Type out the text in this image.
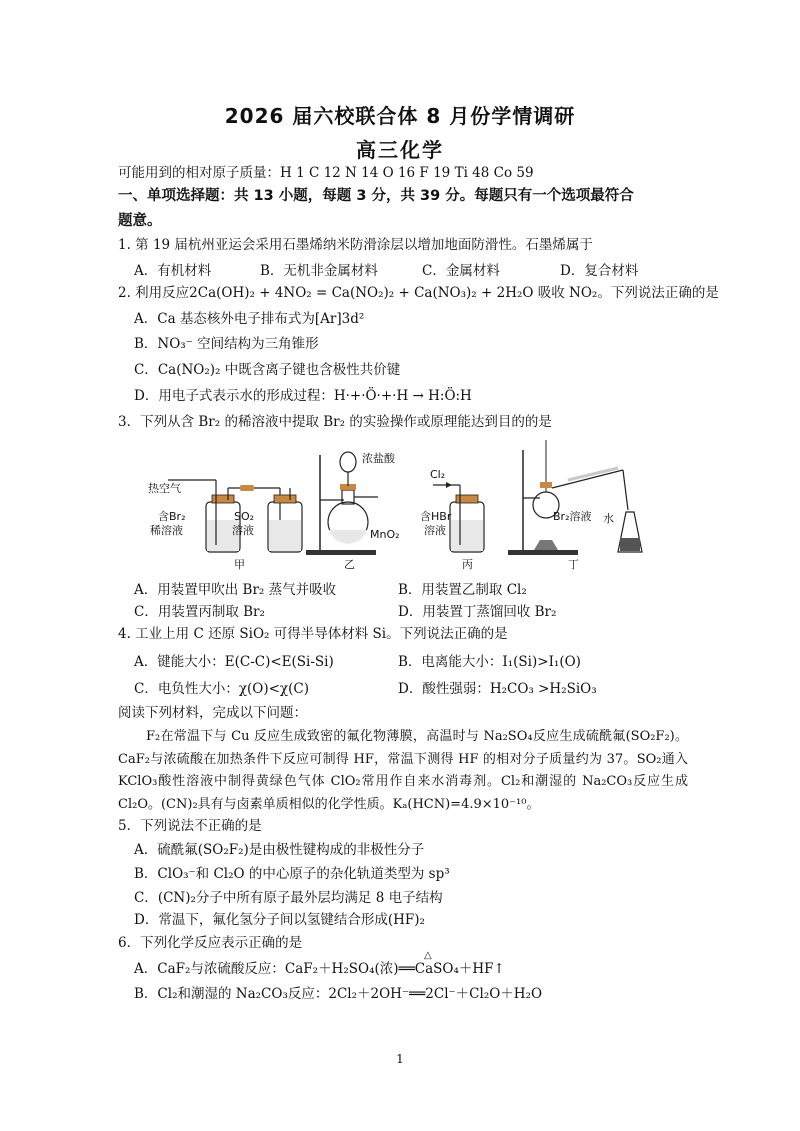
2026 届六校联合体 8 月份学情调研
高三化学
可能用到的相对原子质量：H 1 C 12 N 14 O 16 F 19 Ti 48 Co 59
一、单项选择题：共 13 小题，每题 3 分，共 39 分。每题只有一个选项最符合
题意。
1. 第 19 届杭州亚运会采用石墨烯纳米防滑涂层以增加地面防滑性。石墨烯属于
A．有机材料	B．无机非金属材料	C．金属材料	D．复合材料
2. 利用反应2Ca(OH)₂ + 4NO₂ = Ca(NO₂)₂ + Ca(NO₃)₂ + 2H₂O 吸收 NO₂。下列说法正确的是
A．Ca 基态核外电子排布式为[Ar]3d²
B．NO₃⁻ 空间结构为三角锥形
C．Ca(NO₂)₂ 中既含离子键也含极性共价键
D．用电子式表示水的形成过程：H·+·Ö·+·H → H:Ö:H
3．下列从含 Br₂ 的稀溶液中提取 Br₂ 的实验操作或原理能达到目的的是
热空气
含Br₂
稀溶液
SO₂
溶液
甲
浓盐酸
MnO₂
乙
Cl₂
含HBr
溶液
丙
Br₂溶液 水
丁
A．用装置甲吹出 Br₂ 蒸气并吸收	B．用装置乙制取 Cl₂
C．用装置丙制取 Br₂	D．用装置丁蒸馏回收 Br₂
4. 工业上用 C 还原 SiO₂ 可得半导体材料 Si。下列说法正确的是
A．键能大小：E(C-C)<E(Si-Si)	B．电离能大小：I₁(Si)>I₁(O)
C．电负性大小：χ(O)<χ(C)	D．酸性强弱：H₂CO₃ >H₂SiO₃
阅读下列材料，完成以下问题：
F₂在常温下与 Cu 反应生成致密的氟化物薄膜，高温时与 Na₂SO₄反应生成硫酰氟(SO₂F₂)。CaF₂与浓硫酸在加热条件下反应可制得 HF，常温下测得 HF 的相对分子质量约为 37。SO₂通入 KClO₃酸性溶液中制得黄绿色气体 ClO₂常用作自来水消毒剂。Cl₂和潮湿的 Na₂CO₃反应生成 Cl₂O。(CN)₂具有与卤素单质相似的化学性质。Kₐ(HCN)=4.9×10⁻¹⁰。
5．下列说法不正确的是
A．硫酰氟(SO₂F₂)是由极性键构成的非极性分子
B．ClO₃⁻和 Cl₂O 的中心原子的杂化轨道类型为 sp³
C．(CN)₂分子中所有原子最外层均满足 8 电子结构
D．常温下，氟化氢分子间以氢键结合形成(HF)₂
6．下列化学反应表示正确的是
△
A．CaF₂与浓硫酸反应：CaF₂＋H₂SO₄(浓)══CaSO₄＋HF↑
B．Cl₂和潮湿的 Na₂CO₃反应：2Cl₂＋2OH⁻══2Cl⁻＋Cl₂O＋H₂O
1
